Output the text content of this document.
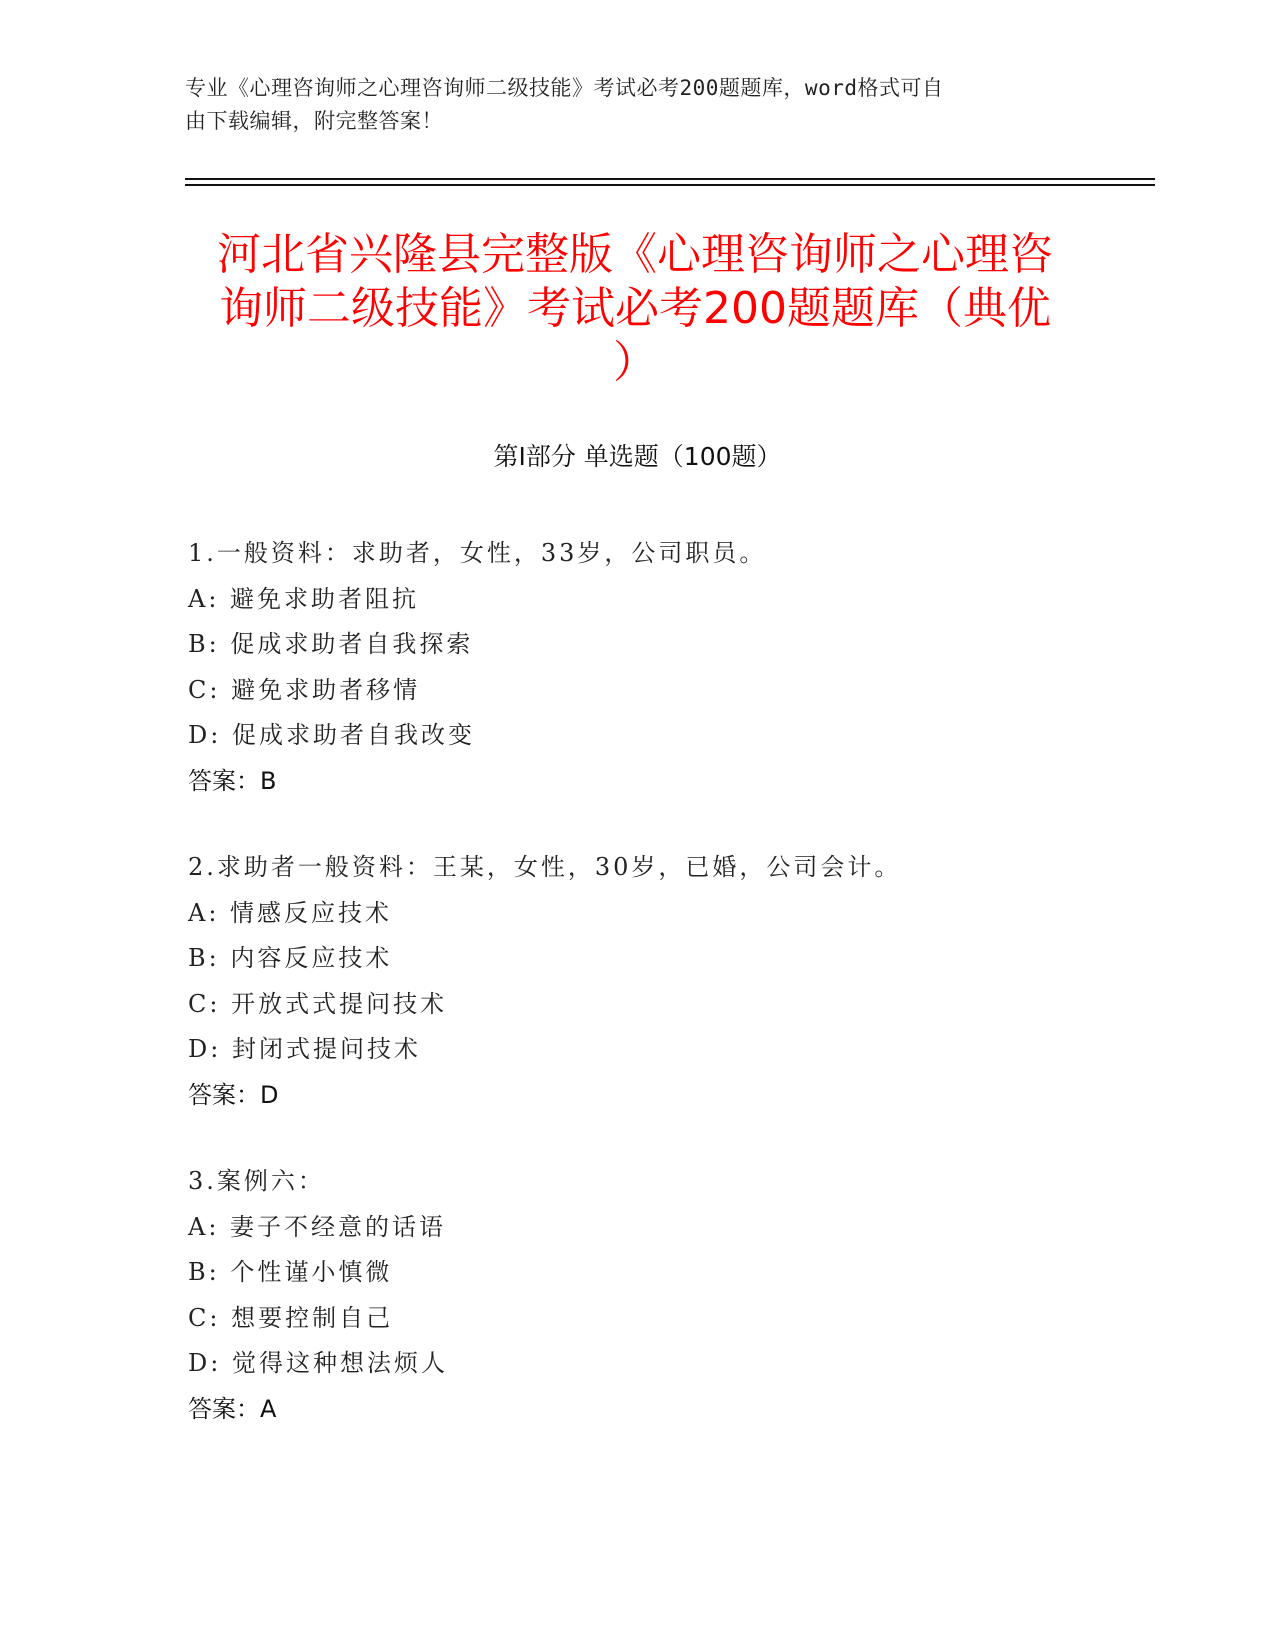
专业《心理咨询师之心理咨询师二级技能》考试必考200题题库，word格式可自
由下载编辑，附完整答案！
河北省兴隆县完整版《心理咨询师之心理咨
询师二级技能》考试必考200题题库（典优
）
第Ⅰ部分 单选题（100题）
1.一般资料：求助者，女性，33岁，公司职员。
A: 避免求助者阻抗
B: 促成求助者自我探索
C: 避免求助者移情
D: 促成求助者自我改变
答案：B
2.求助者一般资料：王某，女性，30岁，已婚，公司会计。
A: 情感反应技术
B: 内容反应技术
C: 开放式式提问技术
D: 封闭式提问技术
答案：D
3.案例六：
A: 妻子不经意的话语
B: 个性谨小慎微
C: 想要控制自己
D: 觉得这种想法烦人
答案：A
